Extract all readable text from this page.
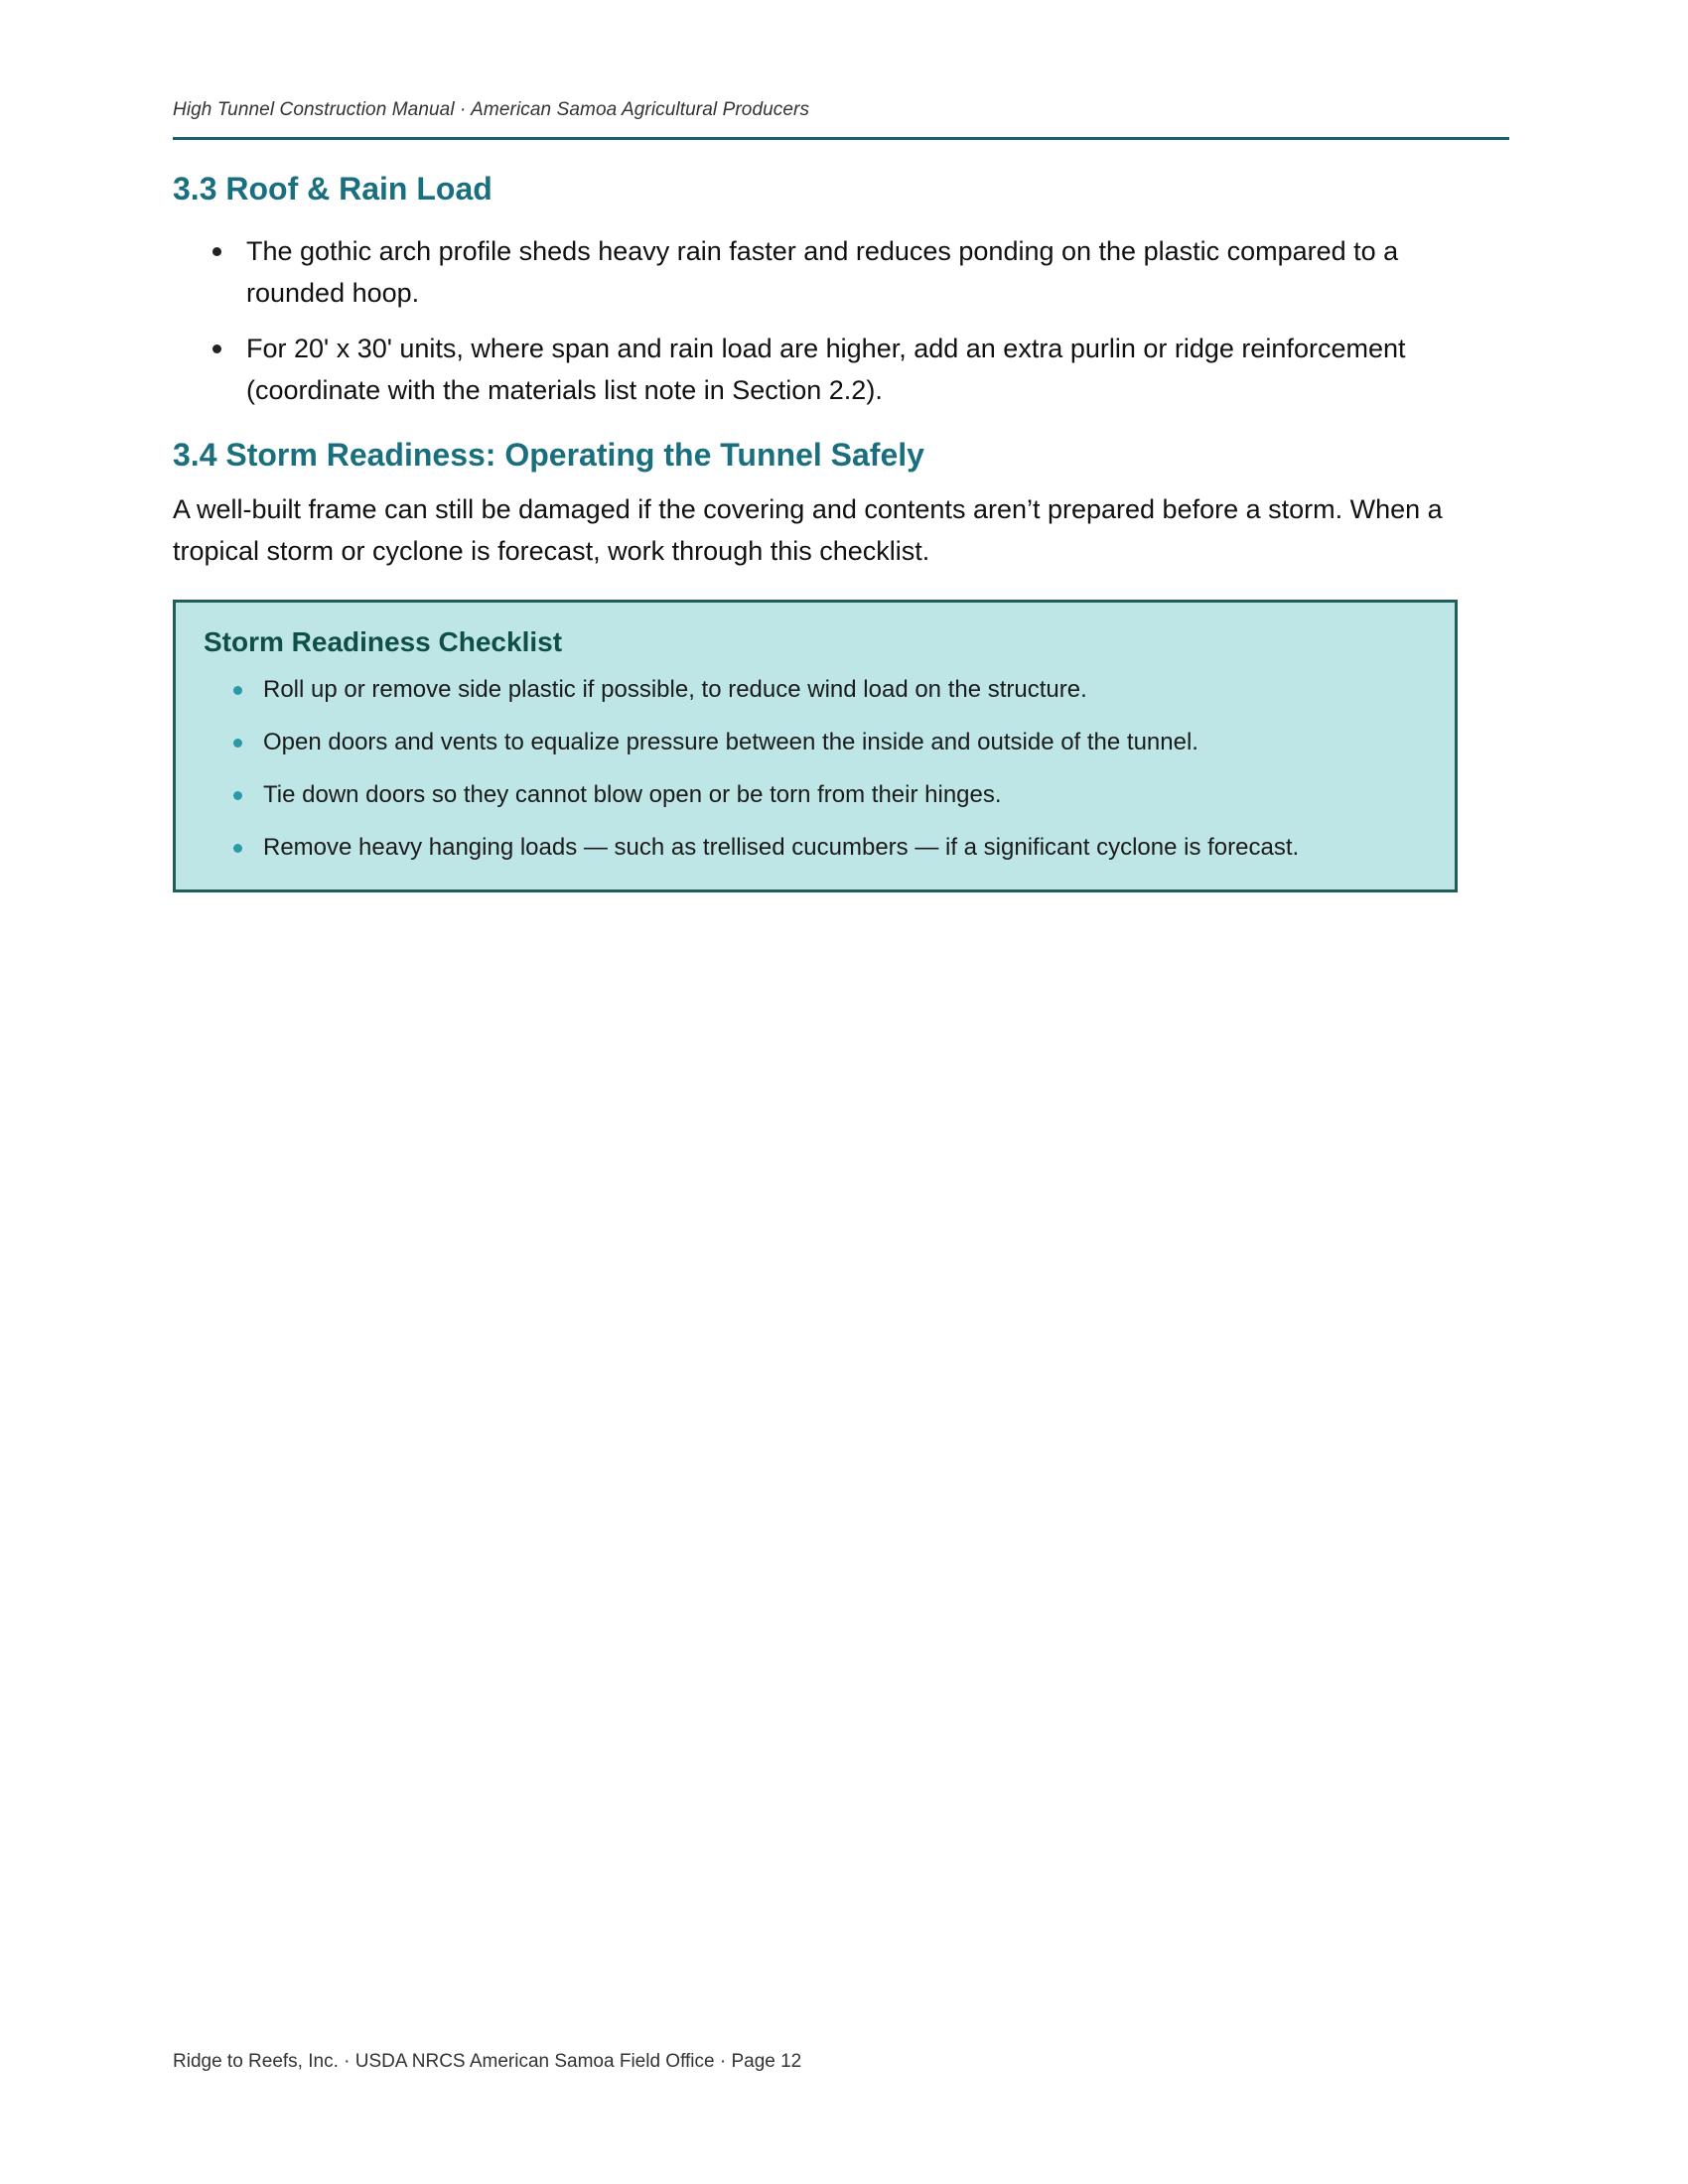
High Tunnel Construction Manual · American Samoa Agricultural Producers
3.3 Roof & Rain Load
The gothic arch profile sheds heavy rain faster and reduces ponding on the plastic compared to a rounded hoop.
For 20' x 30' units, where span and rain load are higher, add an extra purlin or ridge reinforcement (coordinate with the materials list note in Section 2.2).
3.4 Storm Readiness: Operating the Tunnel Safely

A well-built frame can still be damaged if the covering and contents aren’t prepared before a storm. When a tropical storm or cyclone is forecast, work through this checklist.

Storm Readiness Checklist
Roll up or remove side plastic if possible, to reduce wind load on the structure.
Open doors and vents to equalize pressure between the inside and outside of the tunnel.
Tie down doors so they cannot blow open or be torn from their hinges.
Remove heavy hanging loads — such as trellised cucumbers — if a significant cyclone is forecast.
Ridge to Reefs, Inc. · USDA NRCS American Samoa Field Office · Page 12
